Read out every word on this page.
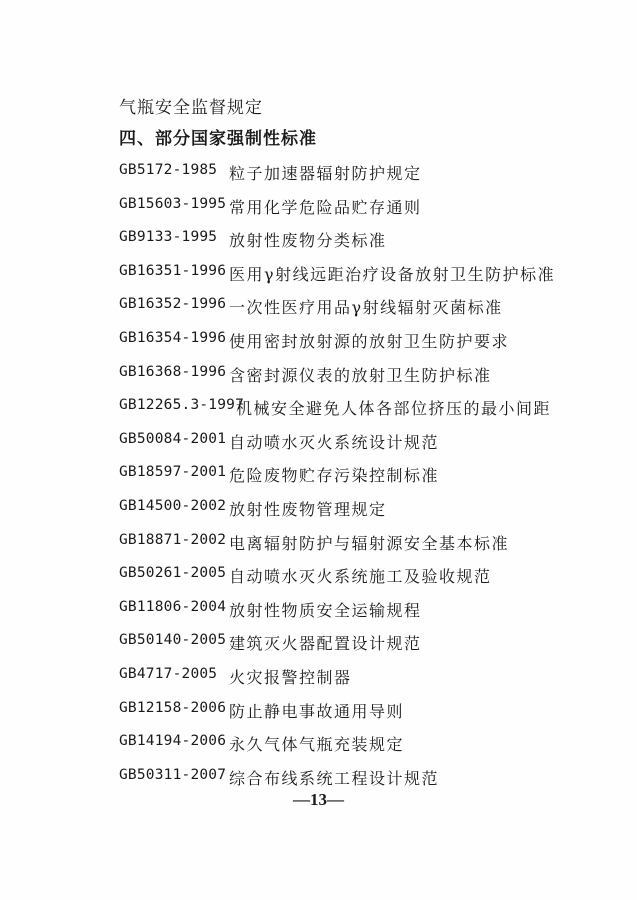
气瓶安全监督规定
四、部分国家强制性标准
GB5172-1985 粒子加速器辐射防护规定
GB15603-1995 常用化学危险品贮存通则
GB9133-1995 放射性废物分类标准
GB16351-1996 医用γ射线远距治疗设备放射卫生防护标准
GB16352-1996 一次性医疗用品γ射线辐射灭菌标准
GB16354-1996 使用密封放射源的放射卫生防护要求
GB16368-1996 含密封源仪表的放射卫生防护标准
GB12265.3-1997
机械安全避免人体各部位挤压的最小间距
GB50084-2001 自动喷水灭火系统设计规范
GB18597-2001 危险废物贮存污染控制标准
GB14500-2002 放射性废物管理规定
GB18871-2002 电离辐射防护与辐射源安全基本标准
GB50261-2005 自动喷水灭火系统施工及验收规范
GB11806-2004 放射性物质安全运输规程
GB50140-2005 建筑灭火器配置设计规范
GB4717-2005 火灾报警控制器
GB12158-2006 防止静电事故通用导则
GB14194-2006 永久气体气瓶充装规定
GB50311-2007 综合布线系统工程设计规范
—13—
